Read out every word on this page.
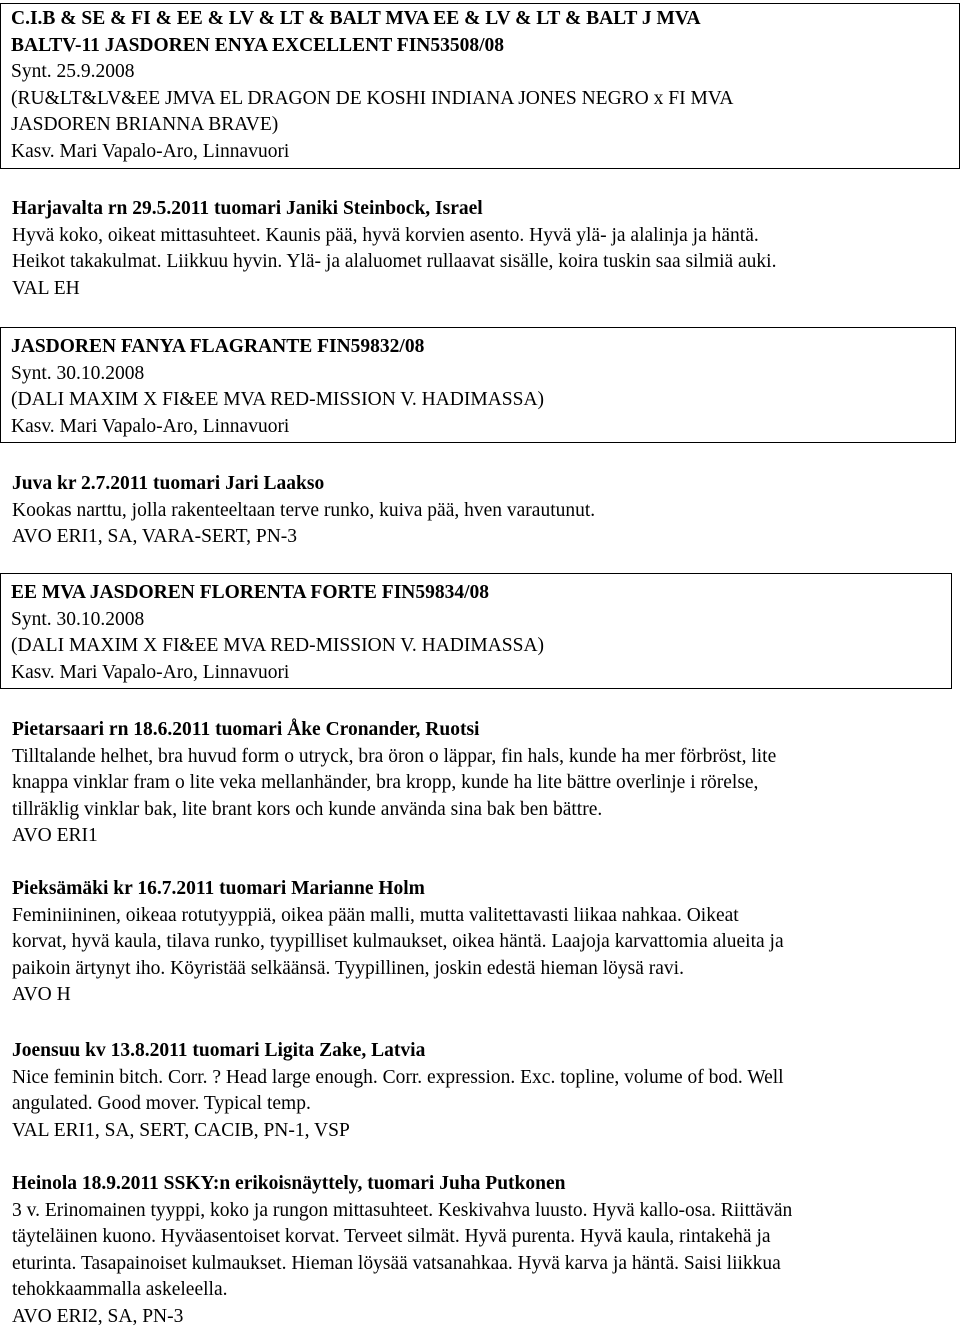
C.I.B & SE & FI & EE & LV & LT & BALT MVA EE & LV & LT & BALT J MVA
BALTV-11 JASDOREN ENYA EXCELLENT FIN53508/08
Synt. 25.9.2008
(RU&LT&LV&EE JMVA EL DRAGON DE KOSHI INDIANA JONES NEGRO x FI MVA
JASDOREN BRIANNA BRAVE)
Kasv. Mari Vapalo-Aro, Linnavuori
Harjavalta rn 29.5.2011 tuomari Janiki Steinbock, Israel
Hyvä koko, oikeat mittasuhteet. Kaunis pää, hyvä korvien asento. Hyvä ylä- ja alalinja ja häntä.
Heikot takakulmat. Liikkuu hyvin. Ylä- ja alaluomet rullaavat sisälle, koira tuskin saa silmiä auki.
VAL EH
JASDOREN FANYA FLAGRANTE FIN59832/08
Synt. 30.10.2008
(DALI MAXIM X FI&EE MVA RED-MISSION V. HADIMASSA)
Kasv. Mari Vapalo-Aro, Linnavuori
Juva kr 2.7.2011 tuomari Jari Laakso
Kookas narttu, jolla rakenteeltaan terve runko, kuiva pää, hven varautunut.
AVO ERI1, SA, VARA-SERT, PN-3
EE MVA JASDOREN FLORENTA FORTE FIN59834/08
Synt. 30.10.2008
(DALI MAXIM X FI&EE MVA RED-MISSION V. HADIMASSA)
Kasv. Mari Vapalo-Aro, Linnavuori
Pietarsaari rn 18.6.2011 tuomari Åke Cronander, Ruotsi
Tilltalande helhet, bra huvud form o utryck, bra öron o läppar, fin hals, kunde ha mer förbröst, lite
knappa vinklar fram o lite veka mellanhänder, bra kropp, kunde ha lite bättre overlinje i rörelse,
tillräklig vinklar bak, lite brant kors och kunde använda sina bak ben bättre.
AVO ERI1
Pieksämäki kr 16.7.2011 tuomari Marianne Holm
Feminiininen, oikeaa rotutyyppiä, oikea pään malli, mutta valitettavasti liikaa nahkaa. Oikeat
korvat, hyvä kaula, tilava runko, tyypilliset kulmaukset, oikea häntä. Laajoja karvattomia alueita ja
paikoin ärtynyt iho. Köyristää selkäänsä. Tyypillinen, joskin edestä hieman löysä ravi.
AVO H
Joensuu kv 13.8.2011 tuomari Ligita Zake, Latvia
Nice feminin bitch. Corr. ? Head large enough. Corr. expression. Exc. topline, volume of bod. Well
angulated. Good mover. Typical temp.
VAL ERI1, SA, SERT, CACIB, PN-1, VSP
Heinola 18.9.2011 SSKY:n erikoisnäyttely, tuomari Juha Putkonen
3 v. Erinomainen tyyppi, koko ja rungon mittasuhteet. Keskivahva luusto. Hyvä kallo-osa. Riittävän
täyteläinen kuono. Hyväasentoiset korvat. Terveet silmät. Hyvä purenta. Hyvä kaula, rintakehä ja
eturinta. Tasapainoiset kulmaukset. Hieman löysää vatsanahkaa. Hyvä karva ja häntä. Saisi liikkua
tehokkaammalla askeleella.
AVO ERI2, SA, PN-3
